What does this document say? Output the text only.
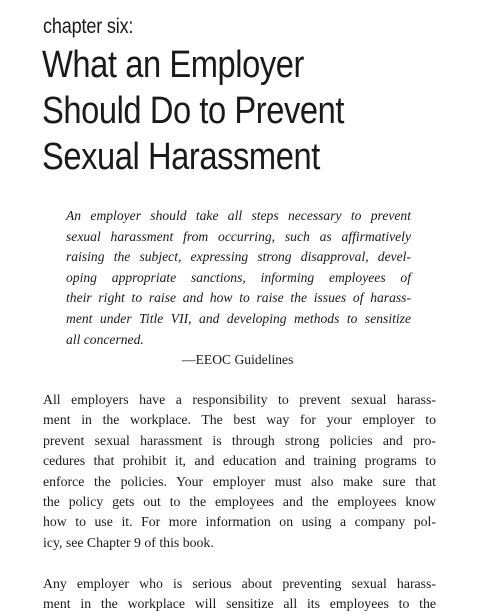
chapter six:
What an Employer
Should Do to Prevent
Sexual Harassment
An employer should take all steps necessary to prevent
sexual harassment from occurring, such as affirmatively
raising the subject, expressing strong disapproval, devel-
oping appropriate sanctions, informing employees of
their right to raise and how to raise the issues of harass-
ment under Title VII, and developing methods to sensitize
all concerned.
—EEOC Guidelines
All employers have a responsibility to prevent sexual harass-
ment in the workplace. The best way for your employer to
prevent sexual harassment is through strong policies and pro-
cedures that prohibit it, and education and training programs to
enforce the policies. Your employer must also make sure that
the policy gets out to the employees and the employees know
how to use it. For more information on using a company pol-
icy, see Chapter 9 of this book.
Any employer who is serious about preventing sexual harass-
ment in the workplace will sensitize all its employees to the
